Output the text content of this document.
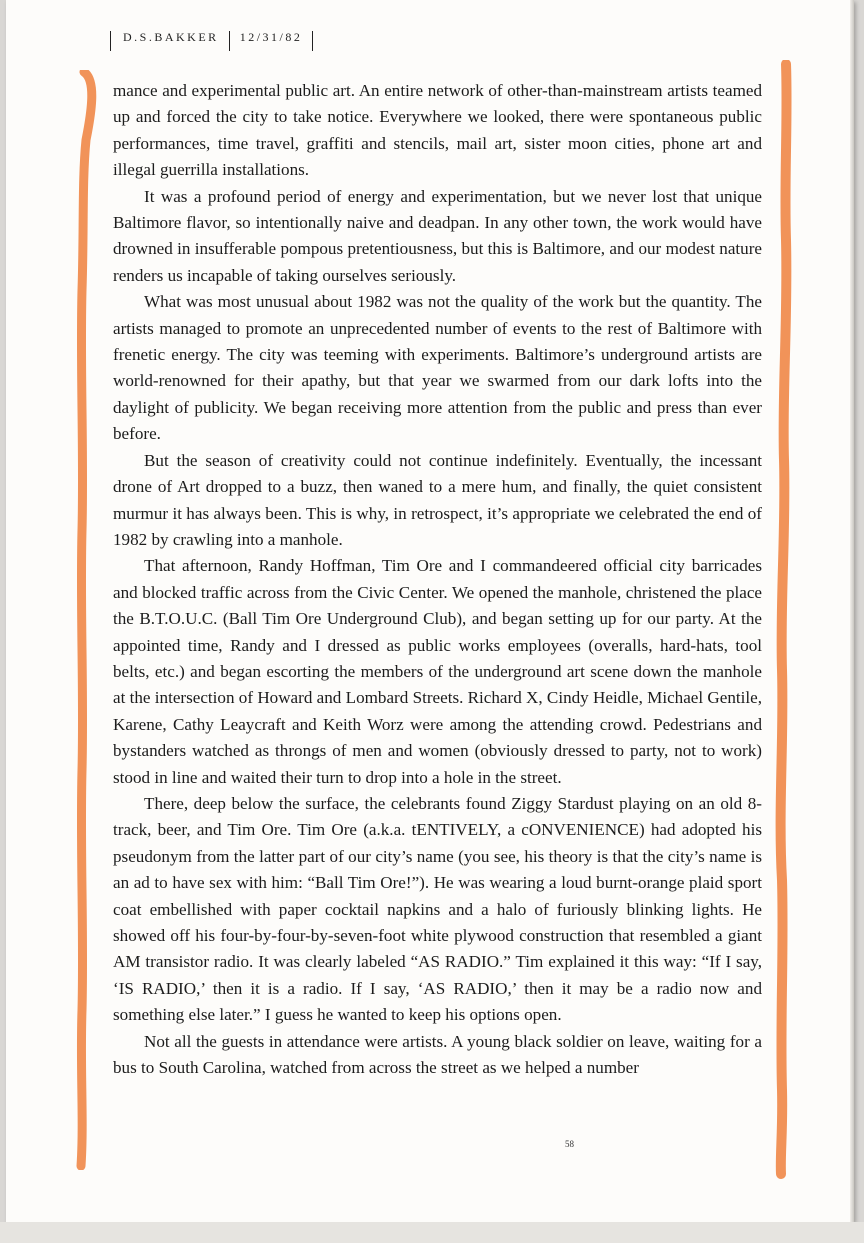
D.S.BAKKER 12/31/82

mance and experimental public art. An entire network of other-than-mainstream artists teamed up and forced the city to take notice. Everywhere we looked, there were spontaneous public performances, time travel, graffiti and stencils, mail art, sister moon cities, phone art and illegal guerrilla installations.

It was a profound period of energy and experimentation, but we never lost that unique Baltimore flavor, so intentionally naive and deadpan. In any other town, the work would have drowned in insufferable pompous pretentiousness, but this is Baltimore, and our modest nature renders us incapable of taking ourselves seriously.

What was most unusual about 1982 was not the quality of the work but the quantity. The artists managed to promote an unprecedented number of events to the rest of Baltimore with frenetic energy. The city was teeming with experiments. Baltimore’s underground artists are world-renowned for their apathy, but that year we swarmed from our dark lofts into the daylight of publicity. We began receiving more attention from the public and press than ever before.

But the season of creativity could not continue indefinitely. Eventually, the incessant drone of Art dropped to a buzz, then waned to a mere hum, and finally, the quiet consistent murmur it has always been. This is why, in retrospect, it’s appropriate we celebrated the end of 1982 by crawling into a manhole.

That afternoon, Randy Hoffman, Tim Ore and I commandeered official city barricades and blocked traffic across from the Civic Center. We opened the manhole, christened the place the B.T.O.U.C. (Ball Tim Ore Underground Club), and began setting up for our party. At the appointed time, Randy and I dressed as public works employees (overalls, hard-hats, tool belts, etc.) and began escorting the members of the underground art scene down the manhole at the intersection of Howard and Lombard Streets. Richard X, Cindy Heidle, Michael Gentile, Karene, Cathy Leaycraft and Keith Worz were among the attending crowd. Pedestrians and bystanders watched as throngs of men and women (obviously dressed to party, not to work) stood in line and waited their turn to drop into a hole in the street.

There, deep below the surface, the celebrants found Ziggy Stardust playing on an old 8-track, beer, and Tim Ore. Tim Ore (a.k.a. tENTIVELY, a cONVENIENCE) had adopted his pseudonym from the latter part of our city’s name (you see, his theory is that the city’s name is an ad to have sex with him: “Ball Tim Ore!”). He was wearing a loud burnt-orange plaid sport coat embellished with paper cocktail napkins and a halo of furiously blinking lights. He showed off his four-by-four-by-seven-foot white plywood construction that resembled a giant AM transistor radio. It was clearly labeled “AS RADIO.” Tim explained it this way: “If I say, ‘IS RADIO,’ then it is a radio. If I say, ‘AS RADIO,’ then it may be a radio now and something else later.” I guess he wanted to keep his options open.

Not all the guests in attendance were artists. A young black soldier on leave, waiting for a bus to South Carolina, watched from across the street as we helped a number

58
